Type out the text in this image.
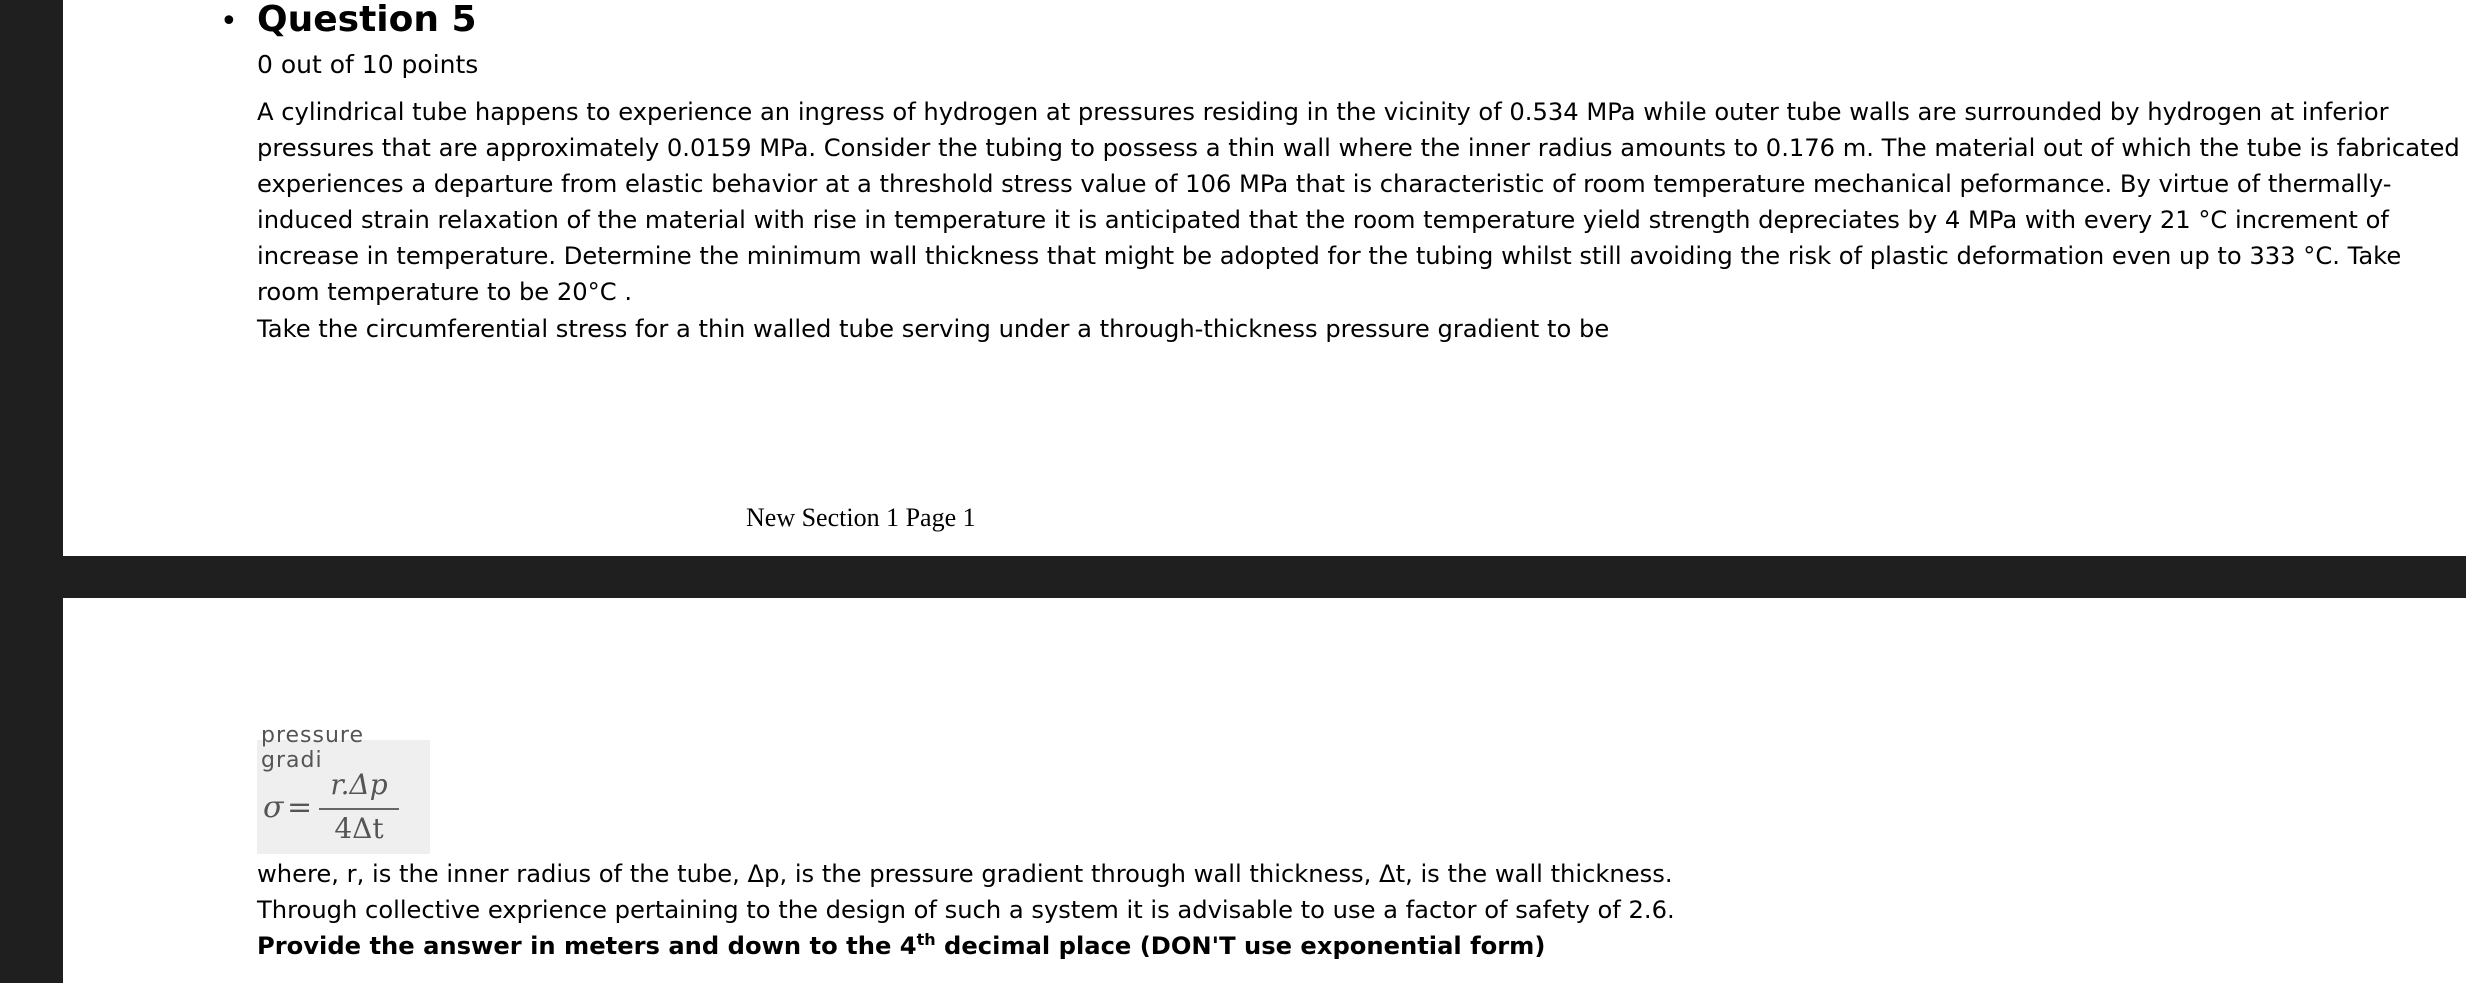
• Question 5
0 out of 10 points

A cylindrical tube happens to experience an ingress of hydrogen at pressures residing in the vicinity of 0.534 MPa while outer tube walls are surrounded by hydrogen at inferior pressures that are approximately 0.0159 MPa. Consider the tubing to possess a thin wall where the inner radius amounts to 0.176 m. The material out of which the tube is fabricated experiences a departure from elastic behavior at a threshold stress value of 106 MPa that is characteristic of room temperature mechanical peformance. By virtue of thermally-induced strain relaxation of the material with rise in temperature it is anticipated that the room temperature yield strength depreciates by 4 MPa with every 21 °C increment of increase in temperature. Determine the minimum wall thickness that might be adopted for the tubing whilst still avoiding the risk of plastic deformation even up to 333 °C. Take room temperature to be 20°C .

Take the circumferential stress for a thin walled tube serving under a through-thickness pressure gradient to be
New Section 1 Page 1
pressure gradi
σ =
r.Δp
4Δt
where, r, is the inner radius of the tube, Δp, is the pressure gradient through wall thickness, Δt, is the wall thickness.
Through collective exprience pertaining to the design of such a system it is advisable to use a factor of safety of 2.6.
Provide the answer in meters and down to the 4th decimal place (DON'T use exponential form)
